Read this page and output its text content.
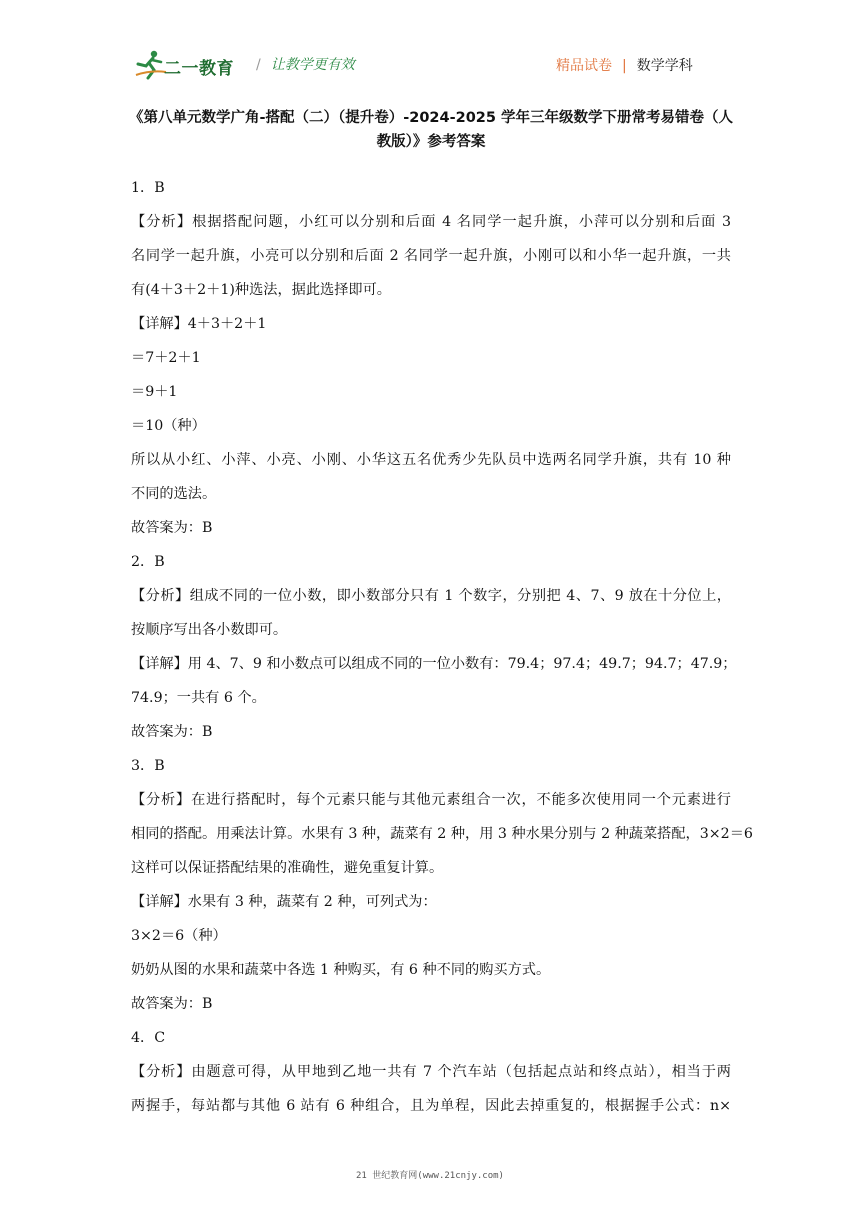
二一教育 / 让教学更有效	精品试卷 | 数学学科
《第八单元数学广角-搭配（二）（提升卷）-2024-2025 学年三年级数学下册常考易错卷（人
教版）》参考答案
1．B
【分析】根据搭配问题，小红可以分别和后面 4 名同学一起升旗，小萍可以分别和后面 3
名同学一起升旗，小亮可以分别和后面 2 名同学一起升旗，小刚可以和小华一起升旗，一共
有(4＋3＋2＋1)种选法，据此选择即可。
【详解】4＋3＋2＋1
＝7＋2＋1
＝9＋1
＝10（种）
所以从小红、小萍、小亮、小刚、小华这五名优秀少先队员中选两名同学升旗，共有 10 种
不同的选法。
故答案为：B
2．B
【分析】组成不同的一位小数，即小数部分只有 1 个数字，分别把 4、7、9 放在十分位上，
按顺序写出各小数即可。
【详解】用 4、7、9 和小数点可以组成不同的一位小数有：79.4；97.4；49.7；94.7；47.9；
74.9；一共有 6 个。
故答案为：B
3．B
【分析】在进行搭配时，每个元素只能与其他元素组合一次，不能多次使用同一个元素进行
相同的搭配。用乘法计算。水果有 3 种，蔬菜有 2 种，用 3 种水果分别与 2 种蔬菜搭配，3×2＝6
这样可以保证搭配结果的准确性，避免重复计算。
【详解】水果有 3 种，蔬菜有 2 种，可列式为：
3×2＝6（种）
奶奶从图的水果和蔬菜中各选 1 种购买，有 6 种不同的购买方式。
故答案为：B
4．C
【分析】由题意可得，从甲地到乙地一共有 7 个汽车站（包括起点站和终点站），相当于两
两握手，每站都与其他 6 站有 6 种组合，且为单程，因此去掉重复的，根据握手公式：n×
21 世纪教育网(www.21cnjy.com)
